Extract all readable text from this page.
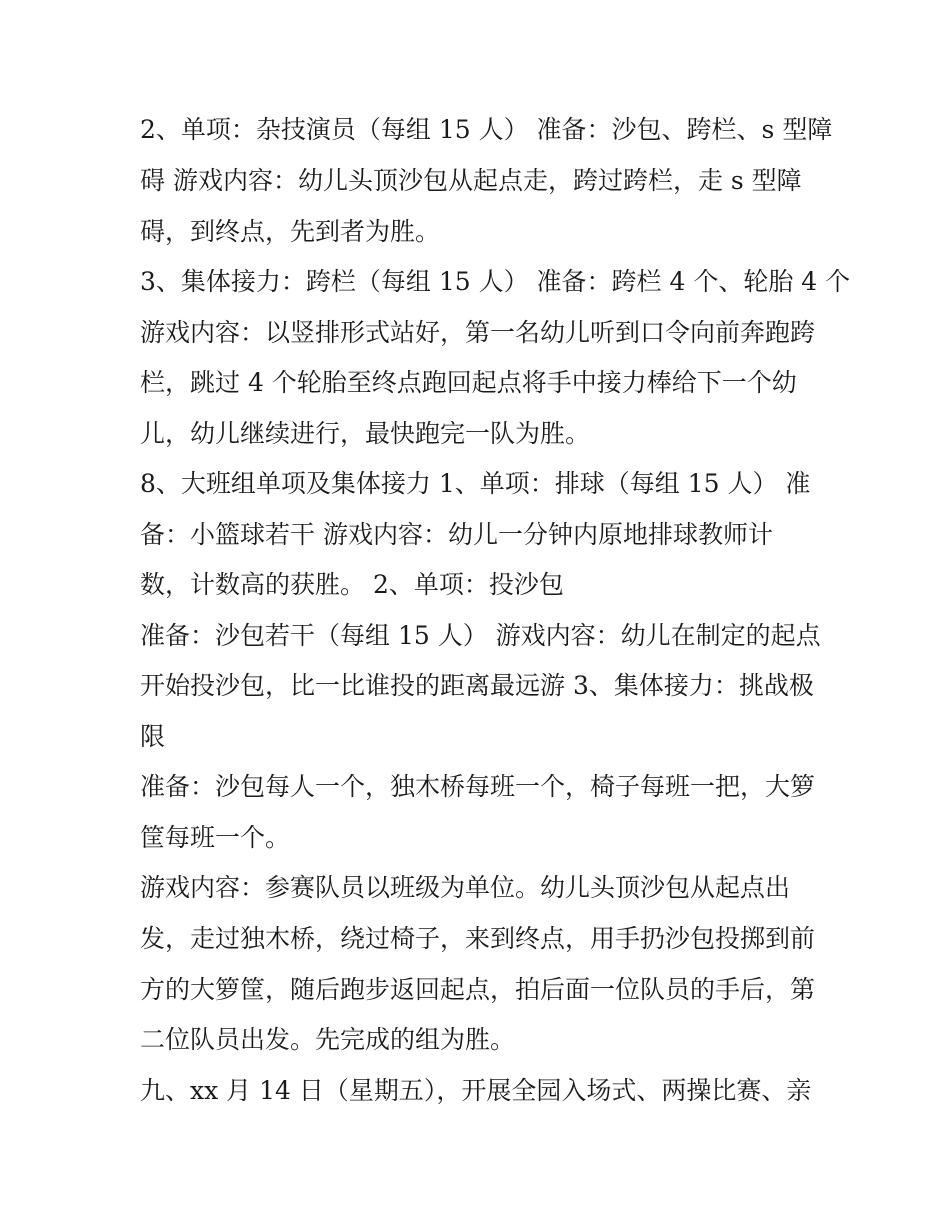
2、单项：杂技演员（每组 15 人） 准备：沙包、跨栏、s 型障
碍 游戏内容：幼儿头顶沙包从起点走，跨过跨栏，走 s 型障
碍，到终点，先到者为胜。
3、集体接力：跨栏（每组 15 人） 准备：跨栏 4 个、轮胎 4 个
游戏内容：以竖排形式站好，第一名幼儿听到口令向前奔跑跨
栏，跳过 4 个轮胎至终点跑回起点将手中接力棒给下一个幼
儿，幼儿继续进行，最快跑完一队为胜。
8、大班组单项及集体接力 1、单项：排球（每组 15 人） 准
备：小篮球若干 游戏内容：幼儿一分钟内原地排球教师计
数，计数高的获胜。 2、单项：投沙包
准备：沙包若干（每组 15 人） 游戏内容：幼儿在制定的起点
开始投沙包，比一比谁投的距离最远游 3、集体接力：挑战极
限
准备：沙包每人一个，独木桥每班一个，椅子每班一把，大箩
筐每班一个。
游戏内容：参赛队员以班级为单位。幼儿头顶沙包从起点出
发，走过独木桥，绕过椅子，来到终点，用手扔沙包投掷到前
方的大箩筐，随后跑步返回起点，拍后面一位队员的手后，第
二位队员出发。先完成的组为胜。
九、xx 月 14 日（星期五），开展全园入场式、两操比赛、亲
